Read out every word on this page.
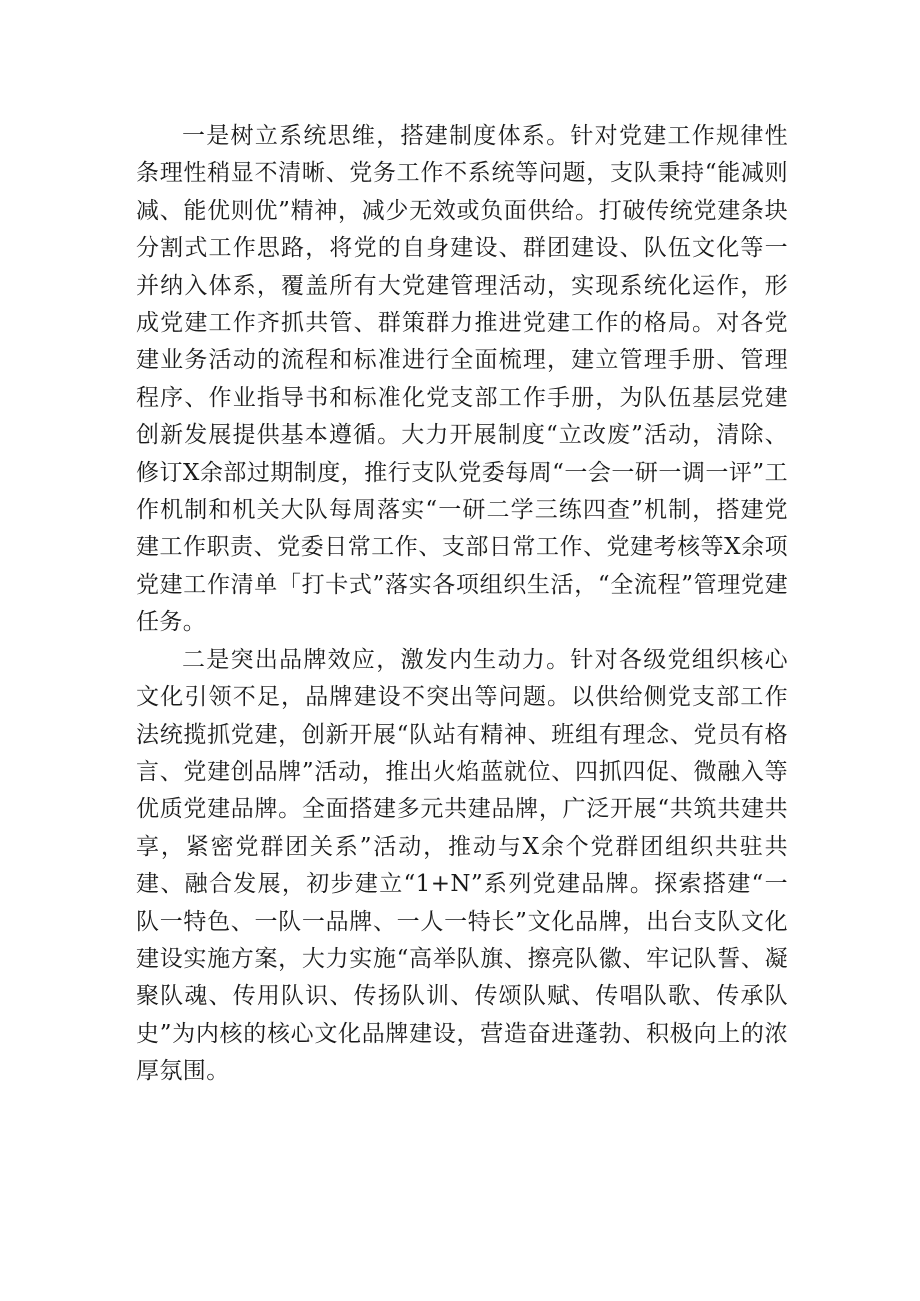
一是树立系统思维，搭建制度体系。针对党建工作规律性条理性稍显不清晰、党务工作不系统等问题，支队秉持“能减则减、能优则优”精神，减少无效或负面供给。打破传统党建条块分割式工作思路，将党的自身建设、群团建设、队伍文化等一并纳入体系，覆盖所有大党建管理活动，实现系统化运作，形成党建工作齐抓共管、群策群力推进党建工作的格局。对各党建业务活动的流程和标准进行全面梳理，建立管理手册、管理程序、作业指导书和标准化党支部工作手册，为队伍基层党建创新发展提供基本遵循。大力开展制度“立改废”活动，清除、修订X余部过期制度，推行支队党委每周“一会一研一调一评”工作机制和机关大队每周落实“一研二学三练四查”机制，搭建党建工作职责、党委日常工作、支部日常工作、党建考核等X余项党建工作清单「打卡式”落实各项组织生活，“全流程”管理党建任务。

二是突出品牌效应，激发内生动力。针对各级党组织核心文化引领不足，品牌建设不突出等问题。以供给侧党支部工作法统揽抓党建，创新开展“队站有精神、班组有理念、党员有格言、党建创品牌”活动，推出火焰蓝就位、四抓四促、微融入等优质党建品牌。全面搭建多元共建品牌，广泛开展“共筑共建共享，紧密党群团关系”活动，推动与X余个党群团组织共驻共建、融合发展，初步建立“1+N”系列党建品牌。探索搭建“一队一特色、一队一品牌、一人一特长”文化品牌，出台支队文化建设实施方案，大力实施“高举队旗、擦亮队徽、牢记队誓、凝聚队魂、传用队识、传扬队训、传颂队赋、传唱队歌、传承队史”为内核的核心文化品牌建设，营造奋进蓬勃、积极向上的浓厚氛围。
